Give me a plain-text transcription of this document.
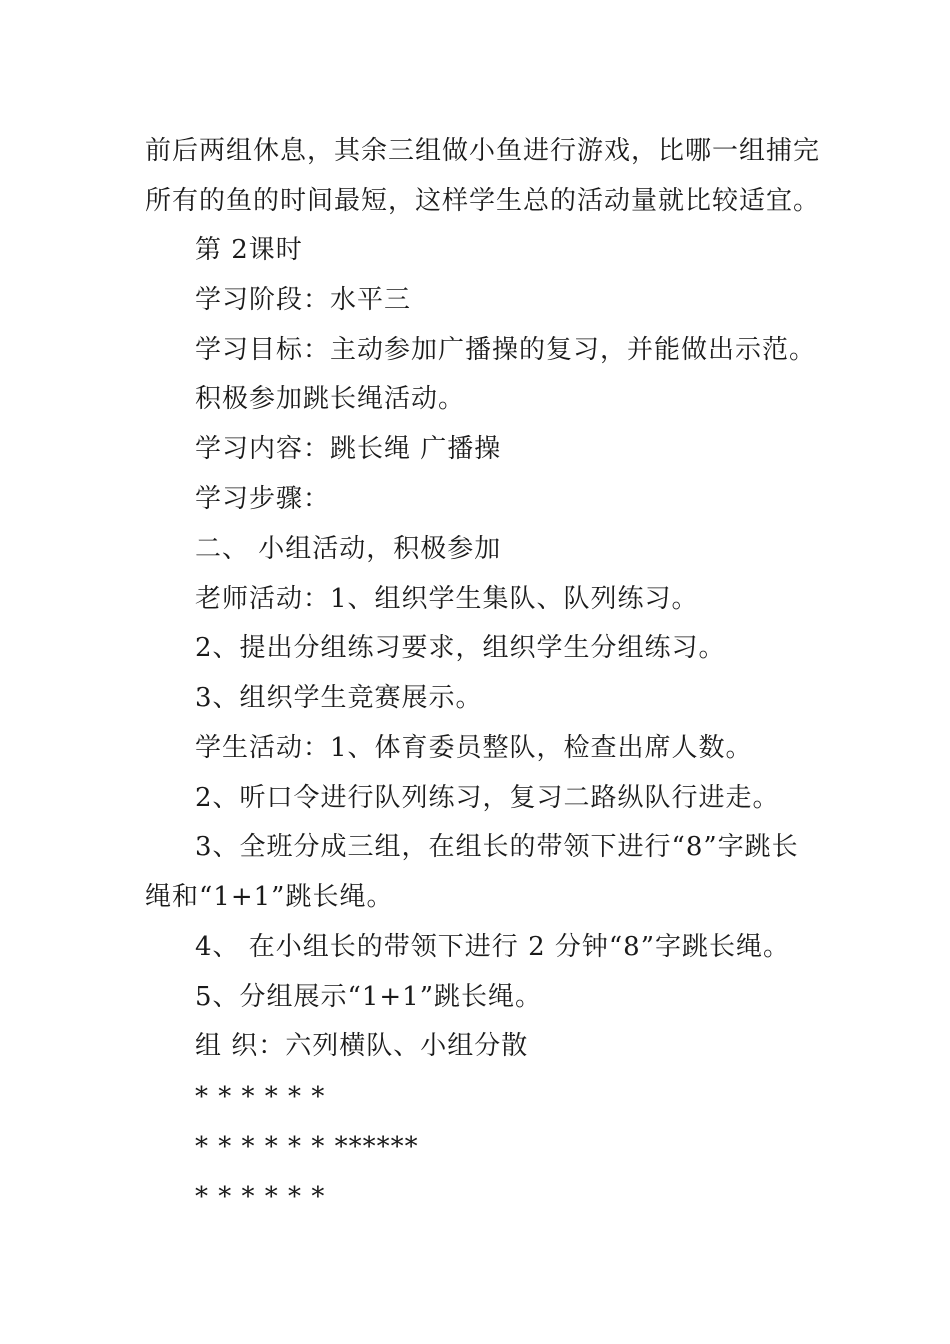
前后两组休息，其余三组做小鱼进行游戏，比哪一组捕完
所有的鱼的时间最短，这样学生总的活动量就比较适宜。
第 2课时
学习阶段：水平三
学习目标：主动参加广播操的复习，并能做出示范。
积极参加跳长绳活动。
学习内容：跳长绳 广播操
学习步骤：
二、 小组活动，积极参加
老师活动：1、组织学生集队、队列练习。
2、提出分组练习要求，组织学生分组练习。
3、组织学生竞赛展示。
学生活动：1、体育委员整队，检查出席人数。
2、听口令进行队列练习，复习二路纵队行进走。
3、全班分成三组，在组长的带领下进行“8”字跳长
绳和“1+1”跳长绳。
4、 在小组长的带领下进行 2 分钟“8”字跳长绳。
5、分组展示“1+1”跳长绳。
组 织：六列横队、小组分散
* * * * * *
* * * * * * ******
* * * * * *
